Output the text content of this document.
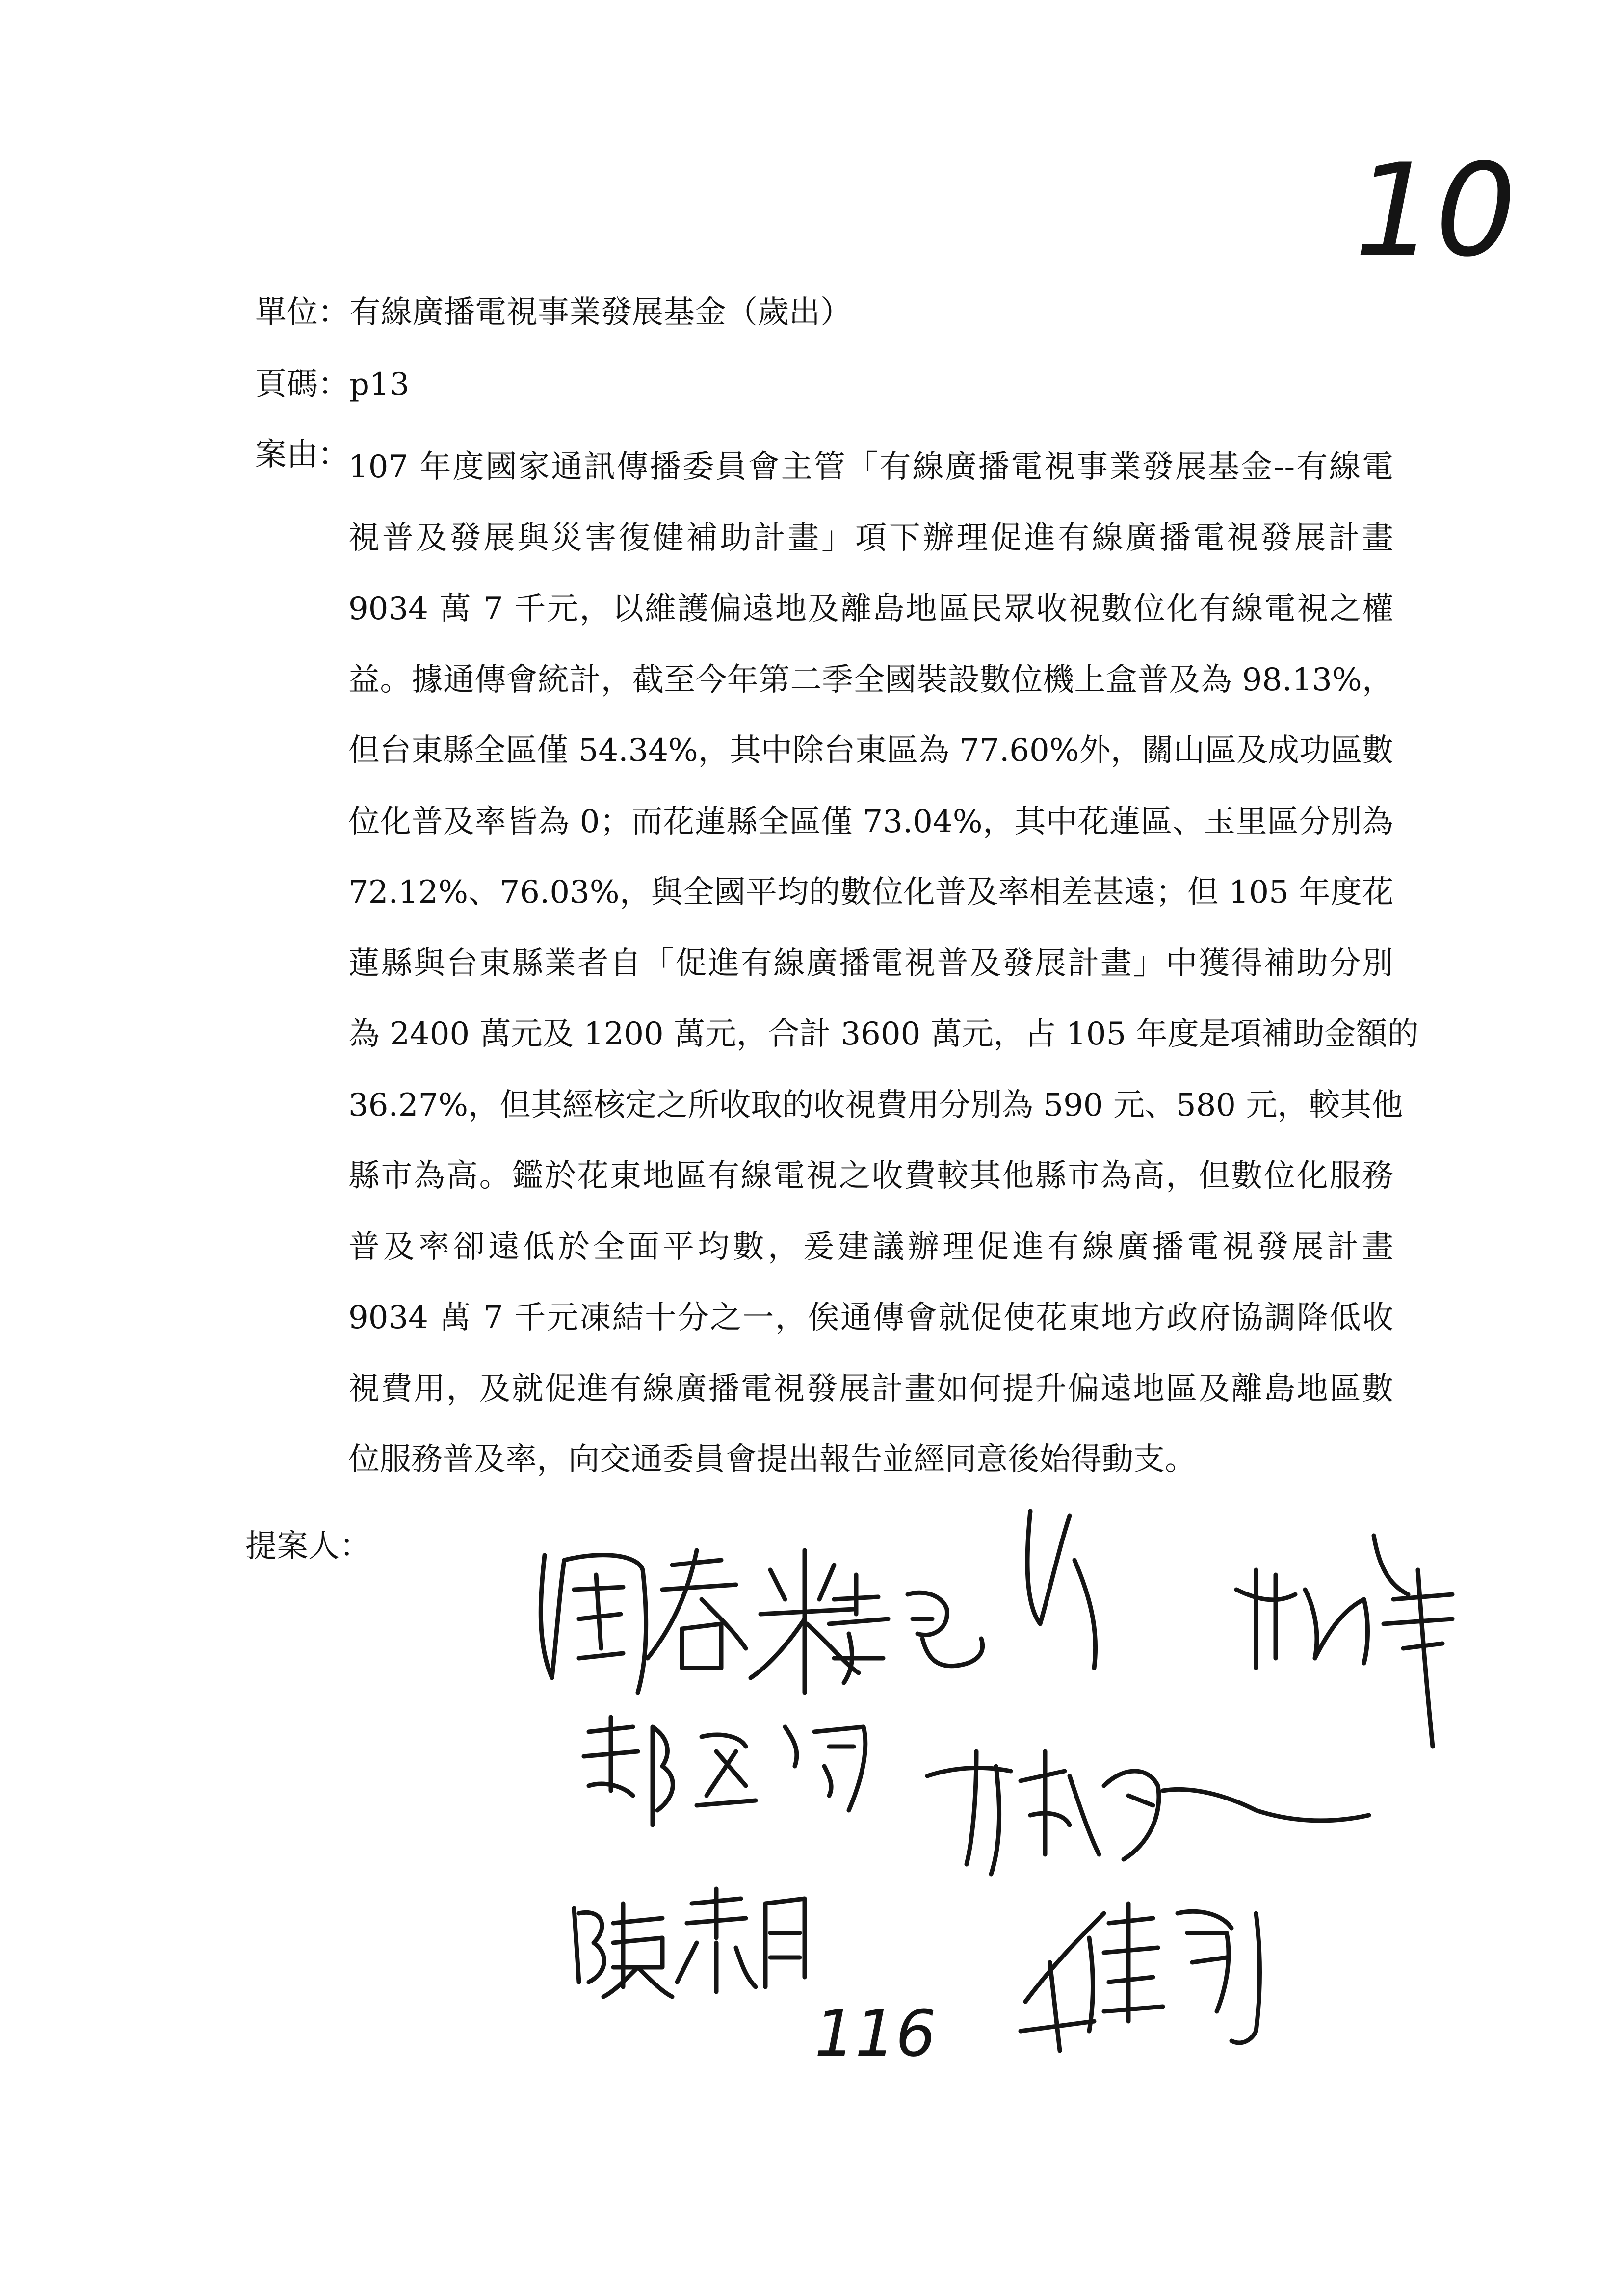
10
單位：有線廣播電視事業發展基金（歲出）
頁碼：p13
案由：
107 年度國家通訊傳播委員會主管「有線廣播電視事業發展基金--有線電
視普及發展與災害復健補助計畫」項下辦理促進有線廣播電視發展計畫
9034 萬 7 千元，以維護偏遠地及離島地區民眾收視數位化有線電視之權
益。據通傳會統計，截至今年第二季全國裝設數位機上盒普及為 98.13%，
但台東縣全區僅 54.34%，其中除台東區為 77.60%外，關山區及成功區數
位化普及率皆為 0；而花蓮縣全區僅 73.04%，其中花蓮區、玉里區分別為
72.12%、76.03%，與全國平均的數位化普及率相差甚遠；但 105 年度花
蓮縣與台東縣業者自「促進有線廣播電視普及發展計畫」中獲得補助分別
為 2400 萬元及 1200 萬元，合計 3600 萬元，占 105 年度是項補助金額的
36.27%，但其經核定之所收取的收視費用分別為 590 元、580 元，較其他
縣市為高。鑑於花東地區有線電視之收費較其他縣市為高，但數位化服務
普及率卻遠低於全面平均數，爰建議辦理促進有線廣播電視發展計畫
9034 萬 7 千元凍結十分之一，俟通傳會就促使花東地方政府協調降低收
視費用，及就促進有線廣播電視發展計畫如何提升偏遠地區及離島地區數
位服務普及率，向交通委員會提出報告並經同意後始得動支。
提案人：
116
